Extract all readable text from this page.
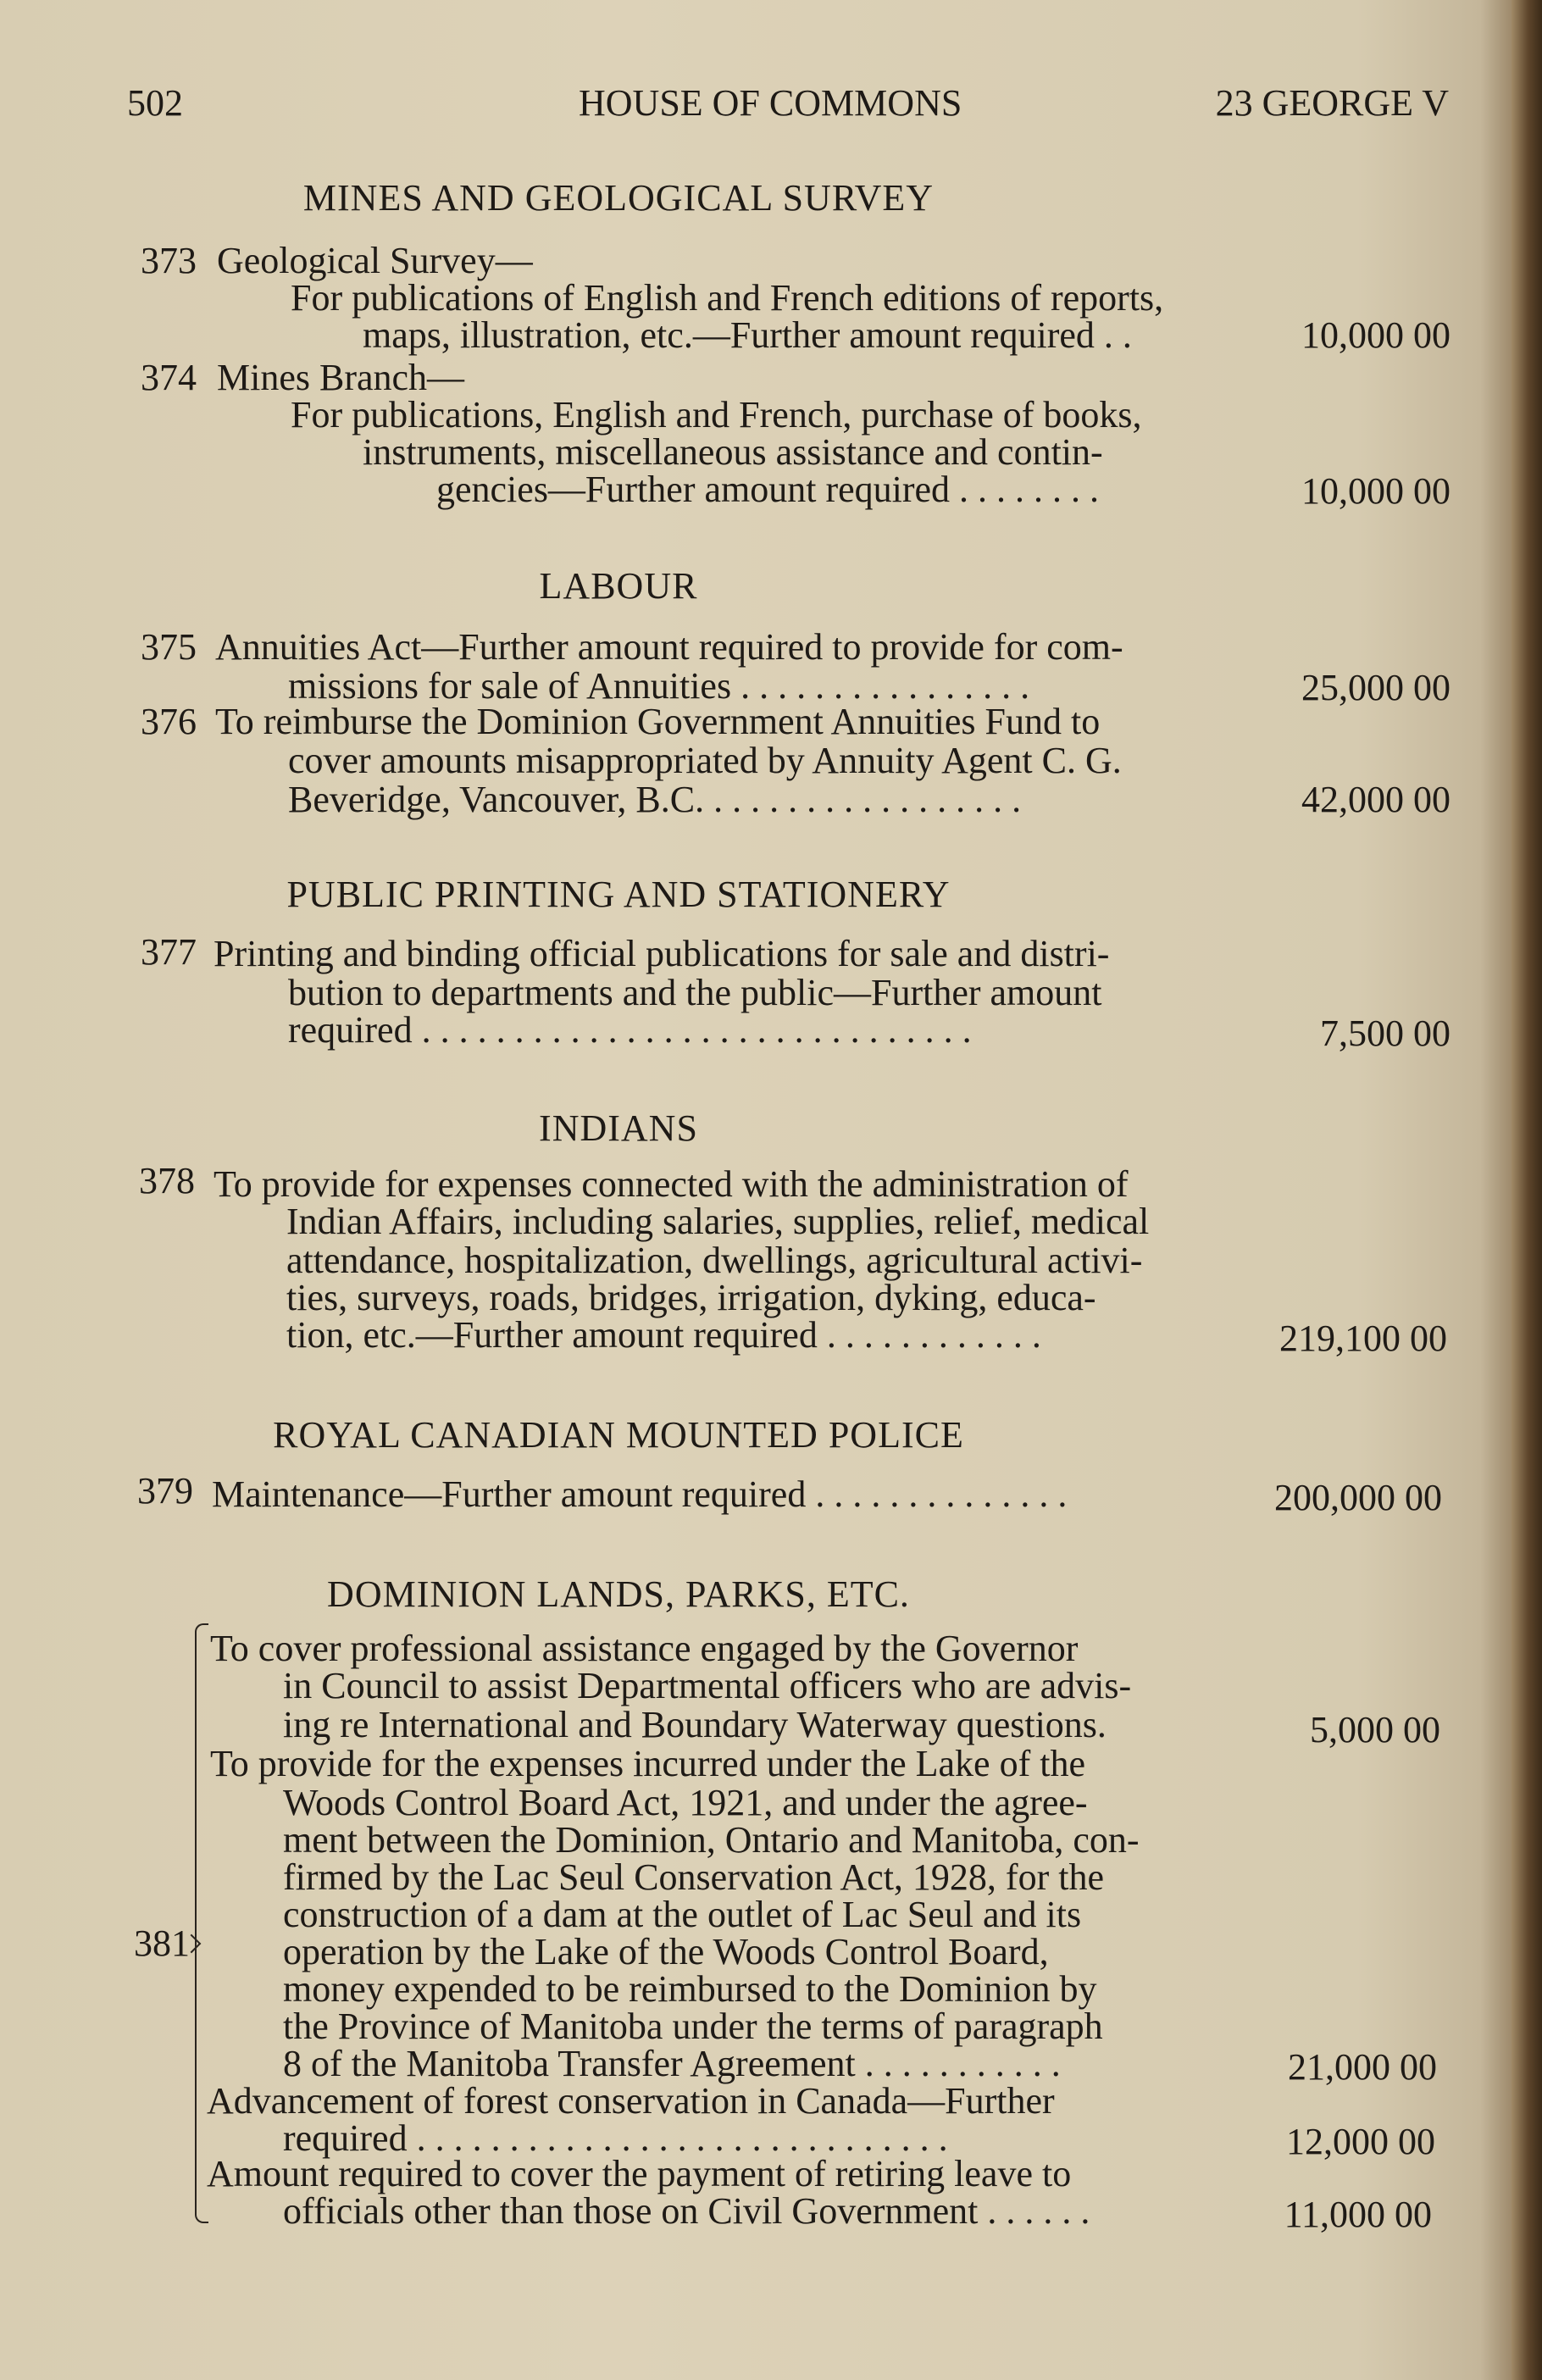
502	HOUSE OF COMMONS	23 GEORGE V
MINES AND GEOLOGICAL SURVEY
373 Geological Survey—
For publications of English and French editions of reports,
maps, illustration, etc.—Further amount required . .	10,000 00
374 Mines Branch—
For publications, English and French, purchase of books,
instruments, miscellaneous assistance and contin-
gencies—Further amount required . . . . . . . .	10,000 00
LABOUR
375 Annuities Act—Further amount required to provide for com-
missions for sale of Annuities . . . . . . . . . . . . . . . .	25,000 00
376 To reimburse the Dominion Government Annuities Fund to
cover amounts misappropriated by Annuity Agent C. G.
Beveridge, Vancouver, B.C. . . . . . . . . . . . . . . . . .	42,000 00
PUBLIC PRINTING AND STATIONERY
377 Printing and binding official publications for sale and distri-
bution to departments and the public—Further amount
required . . . . . . . . . . . . . . . . . . . . . . . . . . . . . .	7,500 00
INDIANS
378 To provide for expenses connected with the administration of
Indian Affairs, including salaries, supplies, relief, medical
attendance, hospitalization, dwellings, agricultural activi-
ties, surveys, roads, bridges, irrigation, dyking, educa-
tion, etc.—Further amount required . . . . . . . . . . . .	219,100 00
ROYAL CANADIAN MOUNTED POLICE
379 Maintenance—Further amount required . . . . . . . . . . . . . .	200,000 00
DOMINION LANDS, PARKS, ETC.
381
To cover professional assistance engaged by the Governor
in Council to assist Departmental officers who are advis-
ing re International and Boundary Waterway questions.	5,000 00
To provide for the expenses incurred under the Lake of the
Woods Control Board Act, 1921, and under the agree-
ment between the Dominion, Ontario and Manitoba, con-
firmed by the Lac Seul Conservation Act, 1928, for the
construction of a dam at the outlet of Lac Seul and its
operation by the Lake of the Woods Control Board,
money expended to be reimbursed to the Dominion by
the Province of Manitoba under the terms of paragraph
8 of the Manitoba Transfer Agreement . . . . . . . . . . .	21,000 00
Advancement of forest conservation in Canada—Further
required . . . . . . . . . . . . . . . . . . . . . . . . . . . . .	12,000 00
Amount required to cover the payment of retiring leave to
officials other than those on Civil Government . . . . . .	11,000 00
